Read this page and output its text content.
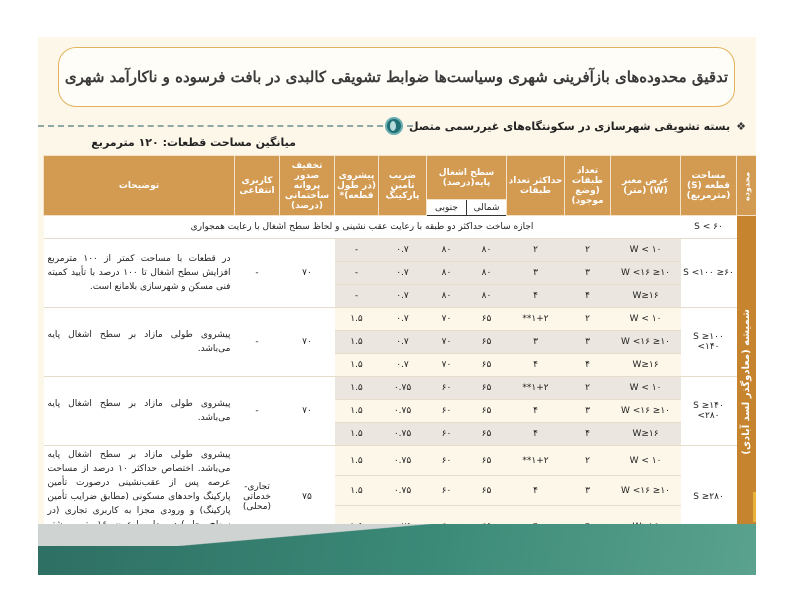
تدقیق محدوده‌های بازآفرینی شهری وسیاست‌ها ضوابط تشویقی کالبدی در بافت فرسوده و ناکارآمد شهری
❖
بسته تشویقی شهرسازی در سکونتگاه‌های غیررسمی متصل
میانگین مساحت قطعات: ۱۲۰ مترمربع
محدوده	مساحت قطعه (S) (مترمربع)	عرض معبر (W) (متر)	تعداد طبقات (وضع موجود)	حداکثر تعداد طبقات	سطح اشغال پایه(درصد)		ضریب تأمین پارکینگ	پیشروی (در طول قطعه)*	تخفیف صدور پروانه ساختمانی (درصد)	کاربری انتفاعی	توضیحات
					شمالی	جنوبی					

شمیشه (معادوگذر لسد آبادی)	S < ۶۰	اجازه ساخت حداکثر دو طبقه با رعایت عقب نشینی و لحاظ سطح اشغال با رعایت همجواری									
	۶۰≤ S <۱۰۰	W < ۱۰	۲	۲	۸۰	۸۰	۰.۷	-	۷۰	-	در قطعات با مساحت کمتر از ۱۰۰ مترمربع افزایش سطح اشغال تا ۱۰۰ درصد با تأیید کمیته فنی مسکن و شهرسازی بلامانع است.
		۱۰≤ W <۱۶	۳	۳	۸۰	۸۰	۰.۷	-			
		W≥۱۶	۴	۴	۸۰	۸۰	۰.۷	-			
	۱۰۰≤ S <۱۴۰	W < ۱۰	۲	۱+۲**	۶۵	۷۰	۰.۷	۱.۵	۷۰	-	پیشروی طولی مازاد بر سطح اشغال پایه می‌باشد.
		۱۰≤ W <۱۶	۳	۳	۶۵	۷۰	۰.۷	۱.۵			
		W≥۱۶	۴	۴	۶۵	۷۰	۰.۷	۱.۵			
	۱۴۰≤ S <۲۸۰	W < ۱۰	۲	۱+۲**	۶۵	۶۰	۰.۷۵	۱.۵	۷۰	-	پیشروی طولی مازاد بر سطح اشغال پایه می‌باشد.
		۱۰≤ W <۱۶	۳	۴	۶۵	۶۰	۰.۷۵	۱.۵			
		W≥۱۶	۴	۴	۶۵	۶۰	۰.۷۵	۱.۵			
	S ≥۲۸۰	W < ۱۰	۲	۱+۲**	۶۵	۶۰	۰.۷۵	۱.۵	۷۵	تجاری- خدماتی (محلی)	پیشروی طولی مازاد بر سطح اشغال پایه می‌باشد. اختصاص حداکثر ۱۰ درصد از مساحت عرصه پس از عقب‌نشینی درصورت تأمین پارکینگ واحدهای مسکونی (مطابق ضرایب تأمین پارکینگ) و ورودی مجزا به کاربری تجاری (در
		۱۰≤ W <۱۶	۳	۴	۶۵	۶۰	۰.۷۵	۱.۵			
